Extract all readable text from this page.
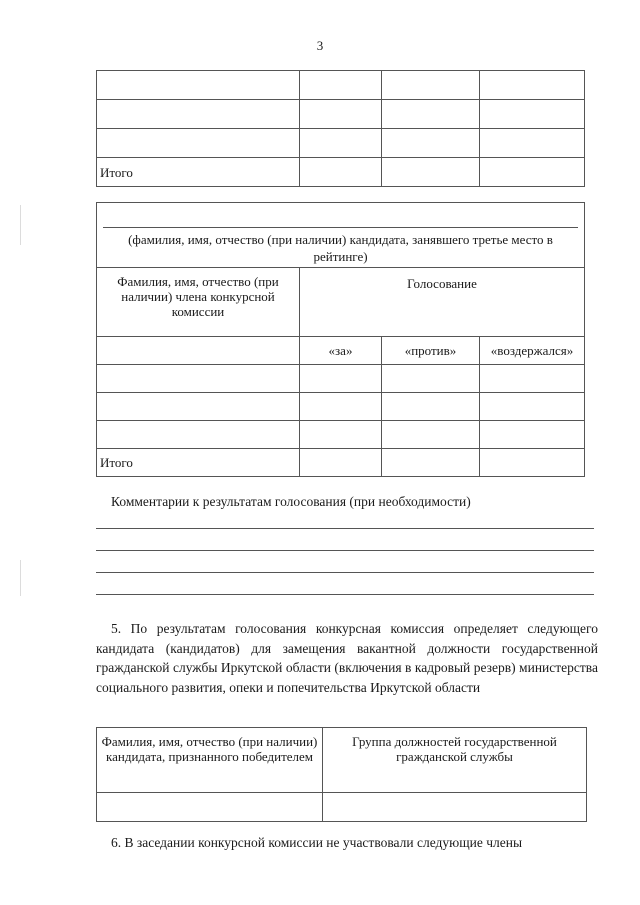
3

Итого			
(фамилия, имя, отчество (при наличии) кандидата, занявшего третье место в рейтинге)			

Фамилия, имя, отчество (при наличии) члена конкурсной комиссии	Голосование		

	«за»	«против»	«воздержался»

Итого			
Комментарии к результатам голосования (при необходимости)
5. По результатам голосования конкурсная комиссия определяет следующего кандидата (кандидатов) для замещения вакантной должности государственной гражданской службы Иркутской области (включения в кадровый резерв) министерства социального развития, опеки и попечительства Иркутской области
Фамилия, имя, отчество (при наличии) кандидата, признанного победителем	Группа должностей государственной гражданской службы

6. В заседании конкурсной комиссии не участвовали следующие члены
